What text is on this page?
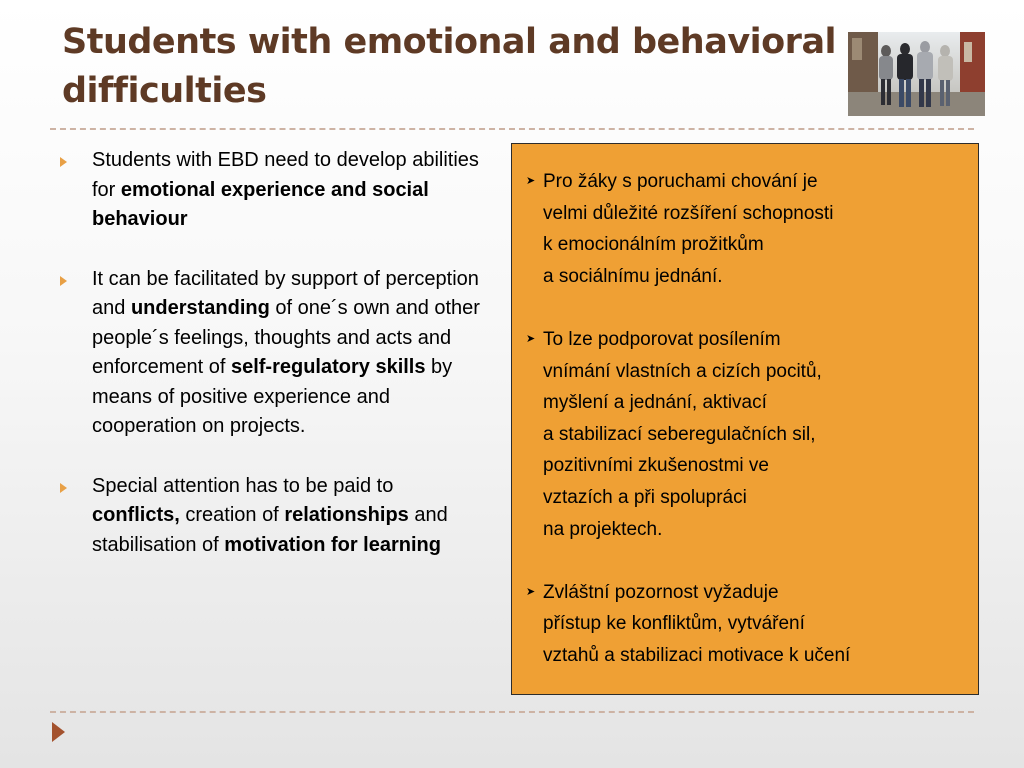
Students with emotional and behavioral
difficulties
Students with EBD need to develop abilities for emotional experience and social behaviour
It can be facilitated by support of perception and understanding of one´s own and other people´s feelings, thoughts and acts and enforcement of self-regulatory skills by means of positive experience and cooperation on projects.
Special attention has to be paid to conflicts, creation of relationships and stabilisation of motivation for learning
➤ Pro žáky s poruchami chování je
velmi důležité rozšíření schopnosti
k emocionálním prožitkům
a sociálnímu jednání.
➤ To lze podporovat posílením
vnímání vlastních a cizích pocitů,
myšlení a jednání, aktivací
a stabilizací seberegulačních sil,
pozitivními zkušenostmi ve
vztazích a při spolupráci
na projektech.
➤ Zvláštní pozornost vyžaduje
přístup ke konfliktům, vytváření
vztahů a stabilizaci motivace k učení
